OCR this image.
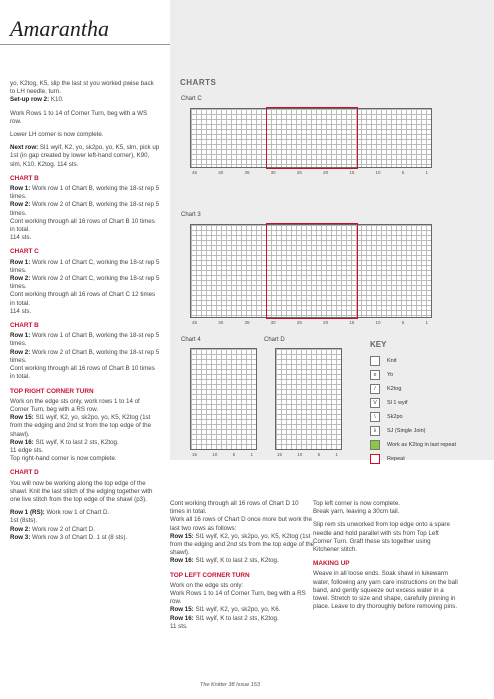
Amarantha

yo, K2tog, K5, slip the last st you worked pwise back to LH needle, turn.
Set-up row 2: K10.

Work Rows 1 to 14 of Corner Turn, beg with a WS row.

Lower LH corner is now complete.

Next row: Sl1 wyif, K2, yo, sk2po, yo, K5, slm, pick up 1st (in gap created by lower left-hand corner), K90, slm, K10, K2tog. 114 sts.

CHART B

Row 1: Work row 1 of Chart B, working the 18-st rep 5 times.
Row 2: Work row 2 of Chart B, working the 18-st rep 5 times.
Cont working through all 16 rows of Chart B 10 times in total.
114 sts.

CHART C

Row 1: Work row 1 of Chart C, working the 18-st rep 5 times.
Row 2: Work row 2 of Chart C, working the 18-st rep 5 times.
Cont working through all 16 rows of Chart C 12 times in total.
114 sts.

CHART B

Row 1: Work row 1 of Chart B, working the 18-st rep 5 times.
Row 2: Work row 2 of Chart B, working the 18-st rep 5 times.
Cont working through all 16 rows of Chart B 10 times in total.

TOP RIGHT CORNER TURN

Work on the edge sts only, work rows 1 to 14 of Corner Turn, beg with a RS row.
Row 15: Sl1 wyif, K2, yo, sk2po, yo, K5, K2tog (1st from the edging and 2nd st from the top edge of the shawl).
Row 16: Sl1 wyif, K to last 2 sts, K2tog.
11 edge sts.
Top right-hand corner is now complete.

CHART D

You will now be working along the top edge of the shawl. Knit the last stitch of the edging together with one live stitch from the top edge of the shawl (p3).

Row 1 (RS): Work row 1 of Chart D.
1st (8sts).
Row 2: Work row 2 of Chart D.
Row 3: Work row 3 of Chart D. 1 st (8 sts).

Cont working through all 16 rows of Chart D 10 times in total.
Work all 16 rows of Chart D once more but work the last two rows as follows:
Row 15: Sl1 wyif, K2, yo, sk2po, yo, K5, K2tog (1st from the edging and 2nd sts from the top edge of the shawl).
Row 16: Sl1 wyif, K to last 2 sts, K2tog.

TOP LEFT CORNER TURN

Work on the edge sts only:
Work Rows 1 to 14 of Corner Turn, beg with a RS row.
Row 15: Sl1 wyif, K2, yo, sk2po, yo, K6.
Row 16: Sl1 wyif, K to last 2 sts, K2tog.
11 sts.

Top left corner is now complete.
Break yarn, leaving a 30cm tail.

Slip rem sts unworked from top edge onto a spare needle and hold parallel with sts from Top Left Corner Turn. Graft these sts together using Kitchener stitch.

MAKING UP

Weave in all loose ends. Soak shawl in lukewarm water, following any yarn care instructions on the ball band, and gently squeeze out excess water in a towel. Stretch to size and shape, carefully pinning in place. Leave to dry thoroughly before removing pins.

CHARTS
Chart C
45	40	35	30	25	20	15	10	5	1
Chart 3
45	40	35	30	25	20	15	10	5	1
Chart 4
15	10	5	1
Chart D
15	10	5	1
KEY
Knit
o	Yo
/	K2tog
V	Sl 1 wyif
\	Sk2po
λ	SJ (Single Join)
Work as K2tog in last repeat
Repeat
The Knitter 38 Issue 153
